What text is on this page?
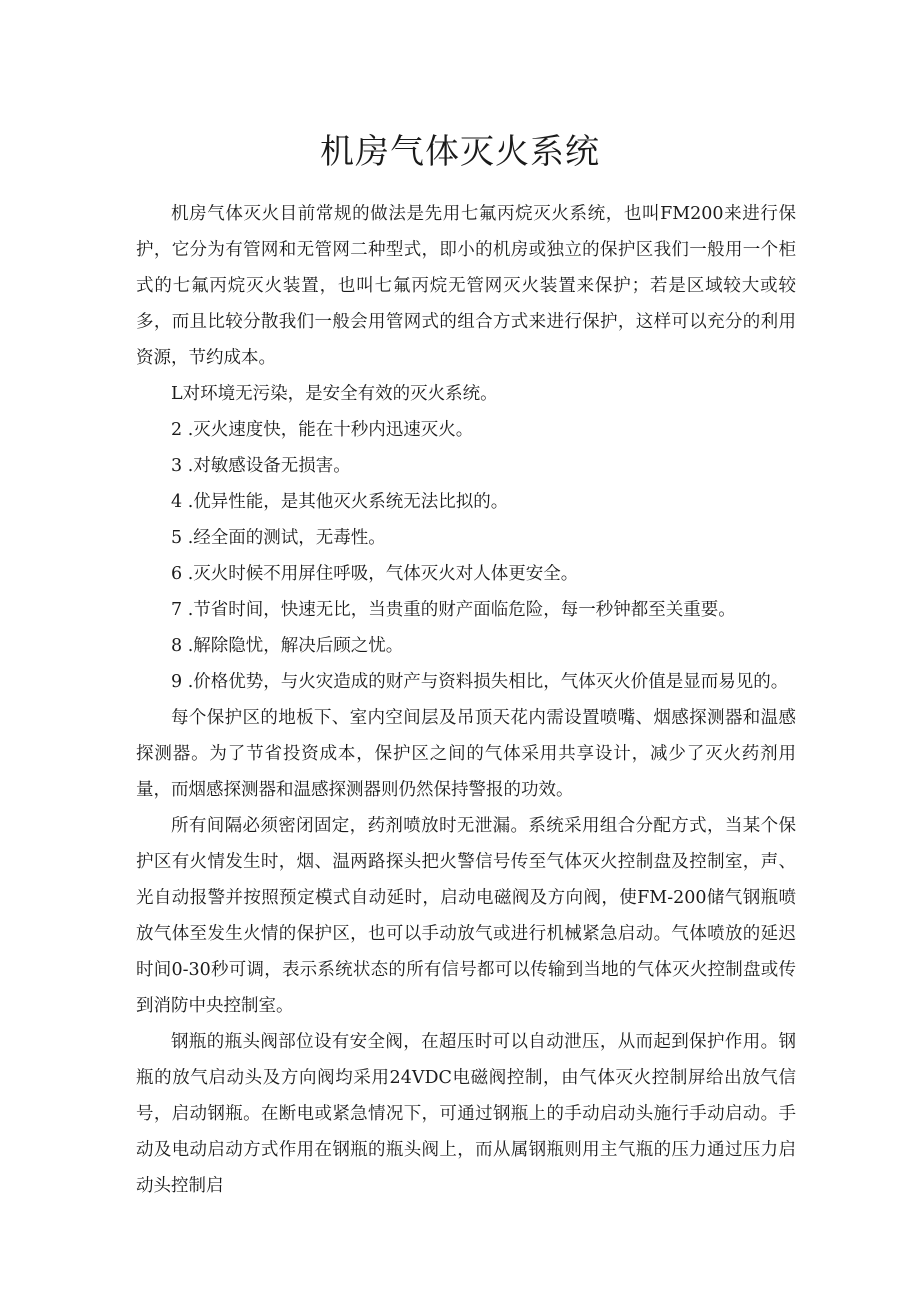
机房气体灭火系统

机房气体灭火目前常规的做法是先用七氟丙烷灭火系统，也叫FM200来进行保护，它分为有管网和无管网二种型式，即小的机房或独立的保护区我们一般用一个柜式的七氟丙烷灭火装置，也叫七氟丙烷无管网灭火装置来保护；若是区域较大或较多，而且比较分散我们一般会用管网式的组合方式来进行保护，这样可以充分的利用资源，节约成本。

L对环境无污染，是安全有效的灭火系统。

2 .灭火速度快，能在十秒内迅速灭火。

3 .对敏感设备无损害。

4 .优异性能，是其他灭火系统无法比拟的。

5 .经全面的测试，无毒性。

6 .灭火时候不用屏住呼吸，气体灭火对人体更安全。

7 .节省时间，快速无比，当贵重的财产面临危险，每一秒钟都至关重要。

8 .解除隐忧，解决后顾之忧。

9 .价格优势，与火灾造成的财产与资料损失相比，气体灭火价值是显而易见的。

每个保护区的地板下、室内空间层及吊顶天花内需设置喷嘴、烟感探测器和温感探测器。为了节省投资成本，保护区之间的气体采用共享设计，减少了灭火药剂用量，而烟感探测器和温感探测器则仍然保持警报的功效。

所有间隔必须密闭固定，药剂喷放时无泄漏。系统采用组合分配方式，当某个保护区有火情发生时，烟、温两路探头把火警信号传至气体灭火控制盘及控制室，声、光自动报警并按照预定模式自动延时，启动电磁阀及方向阀，使FM-200储气钢瓶喷放气体至发生火情的保护区，也可以手动放气或进行机械紧急启动。气体喷放的延迟时间0-30秒可调，表示系统状态的所有信号都可以传输到当地的气体灭火控制盘或传到消防中央控制室。

钢瓶的瓶头阀部位设有安全阀，在超压时可以自动泄压，从而起到保护作用。钢瓶的放气启动头及方向阀均采用24VDC电磁阀控制，由气体灭火控制屏给出放气信号，启动钢瓶。在断电或紧急情况下，可通过钢瓶上的手动启动头施行手动启动。手动及电动启动方式作用在钢瓶的瓶头阀上，而从属钢瓶则用主气瓶的压力通过压力启动头控制启
